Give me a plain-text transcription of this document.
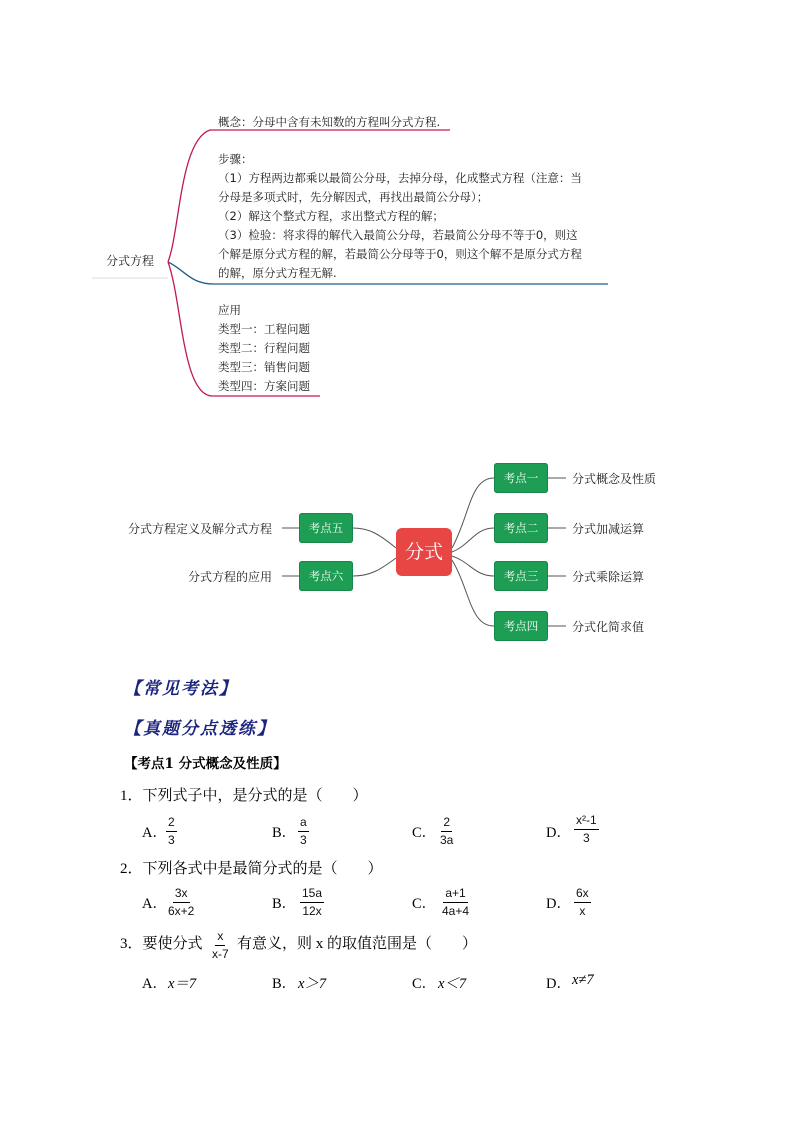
分式方程
概念：分母中含有未知数的方程叫分式方程.
步骤：
（1）方程两边都乘以最简公分母，去掉分母，化成整式方程（注意：当
分母是多项式时，先分解因式，再找出最简公分母）；
（2）解这个整式方程，求出整式方程的解；
（3）检验：将求得的解代入最简公分母，若最简公分母不等于0，则这
个解是原分式方程的解，若最简公分母等于0，则这个解不是原分式方程
的解，原分式方程无解.
应用
类型一：工程问题
类型二：行程问题
类型三：销售问题
类型四：方案问题
分式
考点一
考点二
考点三
考点四
考点五
考点六
分式概念及性质
分式加减运算
分式乘除运算
分式化简求值
分式方程定义及解分式方程
分式方程的应用
【常见考法】
【真题分点透练】
【考点1 分式概念及性质】
1．下列式子中，是分式的是（　　）
A． $\frac{2}{3}$	B． $\frac{a}{3}$	C． $\frac{2}{3a}$	D． $\frac{\text{x²-1}}{3}$
2．下列各式中是最简分式的是（　　）
A． $\frac{3x}{6x+2}$	B． $\frac{15a}{12x}$	C． $\frac{a+1}{4a+4}$	D． $\frac{6x}{x}$
3．要使分式 $\frac{x}{x-7}$ 有意义，则 x 的取值范围是（　　）
A． x＝7	B． x＞7	C． x＜7	D． x≠7
